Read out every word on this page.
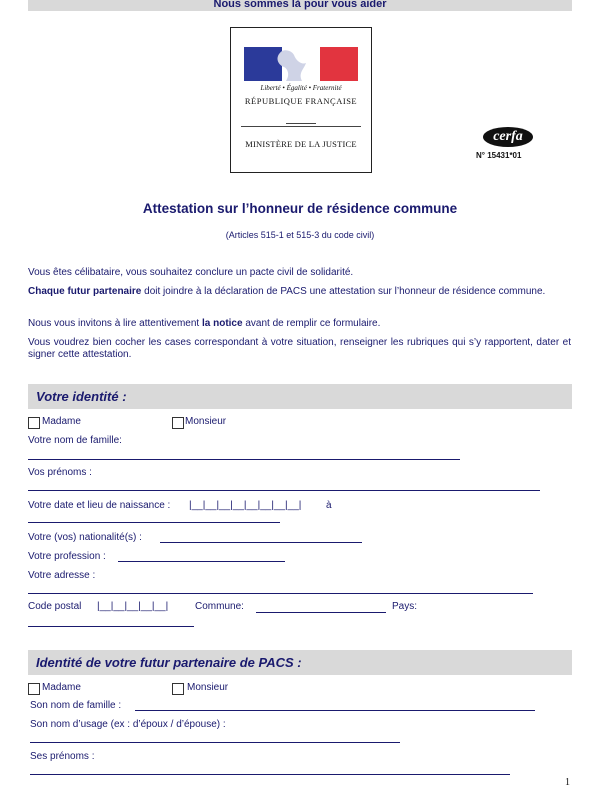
Nous sommes là pour vous aider
Liberté • Égalité • Fraternité
RÉPUBLIQUE FRANÇAISE
MINISTÈRE DE LA JUSTICE	cerfa
N° 15431*01
Attestation sur l’honneur de résidence commune
(Articles 515-1 et 515-3 du code civil)
Vous êtes célibataire, vous souhaitez conclure un pacte civil de solidarité.
Chaque futur partenaire doit joindre à la déclaration de PACS une attestation sur l’honneur de résidence commune.
Nous vous invitons à lire attentivement la notice avant de remplir ce formulaire.
Vous voudrez bien cocher les cases correspondant à votre situation, renseigner les rubriques qui s’y rapportent, dater et signer cette attestation.
Votre identité :
Madame	Monsieur
Votre nom de famille:
Vos prénoms :
Votre date et lieu de naissance : |__|__|__|__|__|__|__|__| à
Votre (vos) nationalité(s) :
Votre profession :
Votre adresse :
Code postal |__|__|__|__|__|	Commune:	Pays:
Identité de votre futur partenaire de PACS :
Madame	Monsieur
Son nom de famille :
Son nom d’usage (ex : d’époux / d’épouse) :
Ses prénoms :
1
